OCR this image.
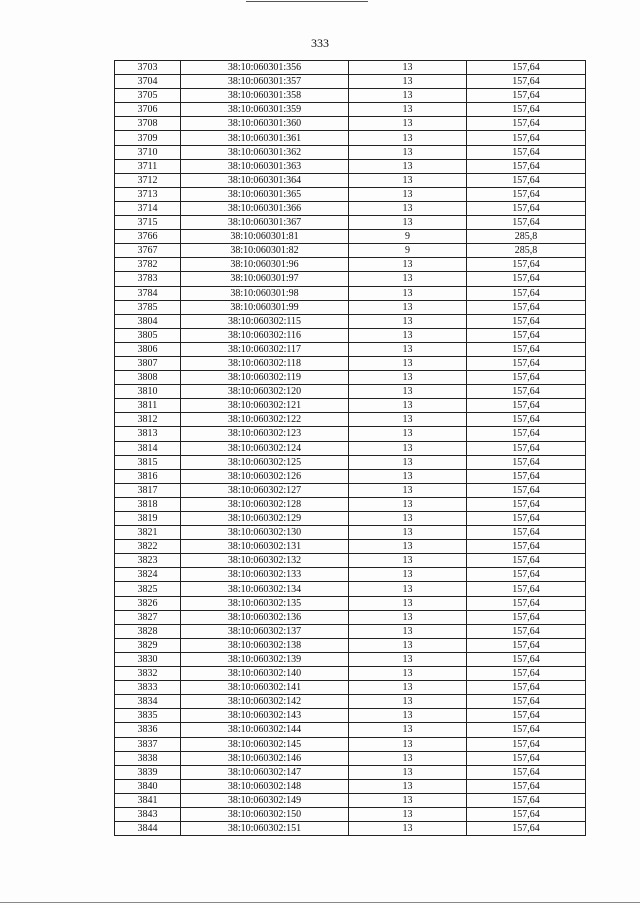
333
3703	38:10:060301:356	13	157,64
3704	38:10:060301:357	13	157,64
3705	38:10:060301:358	13	157,64
3706	38:10:060301:359	13	157,64
3708	38:10:060301:360	13	157,64
3709	38:10:060301:361	13	157,64
3710	38:10:060301:362	13	157,64
3711	38:10:060301:363	13	157,64
3712	38:10:060301:364	13	157,64
3713	38:10:060301:365	13	157,64
3714	38:10:060301:366	13	157,64
3715	38:10:060301:367	13	157,64
3766	38:10:060301:81	9	285,8
3767	38:10:060301:82	9	285,8
3782	38:10:060301:96	13	157,64
3783	38:10:060301:97	13	157,64
3784	38:10:060301:98	13	157,64
3785	38:10:060301:99	13	157,64
3804	38:10:060302:115	13	157,64
3805	38:10:060302:116	13	157,64
3806	38:10:060302:117	13	157,64
3807	38:10:060302:118	13	157,64
3808	38:10:060302:119	13	157,64
3810	38:10:060302:120	13	157,64
3811	38:10:060302:121	13	157,64
3812	38:10:060302:122	13	157,64
3813	38:10:060302:123	13	157,64
3814	38:10:060302:124	13	157,64
3815	38:10:060302:125	13	157,64
3816	38:10:060302:126	13	157,64
3817	38:10:060302:127	13	157,64
3818	38:10:060302:128	13	157,64
3819	38:10:060302:129	13	157,64
3821	38:10:060302:130	13	157,64
3822	38:10:060302:131	13	157,64
3823	38:10:060302:132	13	157,64
3824	38:10:060302:133	13	157,64
3825	38:10:060302:134	13	157,64
3826	38:10:060302:135	13	157,64
3827	38:10:060302:136	13	157,64
3828	38:10:060302:137	13	157,64
3829	38:10:060302:138	13	157,64
3830	38:10:060302:139	13	157,64
3832	38:10:060302:140	13	157,64
3833	38:10:060302:141	13	157,64
3834	38:10:060302:142	13	157,64
3835	38:10:060302:143	13	157,64
3836	38:10:060302:144	13	157,64
3837	38:10:060302:145	13	157,64
3838	38:10:060302:146	13	157,64
3839	38:10:060302:147	13	157,64
3840	38:10:060302:148	13	157,64
3841	38:10:060302:149	13	157,64
3843	38:10:060302:150	13	157,64
3844	38:10:060302:151	13	157,64
